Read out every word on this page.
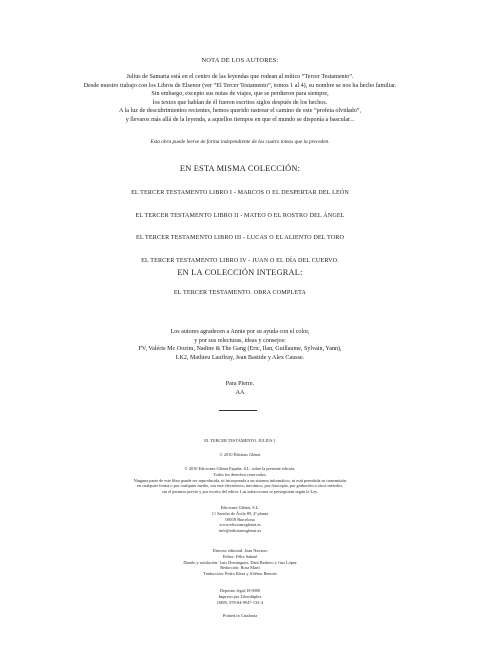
NOTA DE LOS AUTORES:
Julius de Samaria está en el centro de las leyendas que rodean al mítico “Tercer Testamento”.
Desde nuestro trabajo con los Libros de Elsenor (ver “El Tercer Testamento”, tomos 1 al 4), su nombre se nos ha hecho familiar.
Sin embargo, excepto sus notas de viajes, que se perdieron para siempre,
los textos que hablan de él fueron escritos siglos después de los hechos.
A la luz de descubrimientos recientes, hemos querido rastrear el camino de este “profeta olvidado”,
y llevaros más allá de la leyenda, a aquellos tiempos en que el mundo se disponía a bascular...
Esta obra puede leerse de forma independiente de los cuatro tomos que la preceden.
EN ESTA MISMA COLECCIÓN:
EL TERCER TESTAMENTO LIBRO I - MARCOS O EL DESPERTAR DEL LEÓN
EL TERCER TESTAMENTO LIBRO II - MATEO O EL ROSTRO DEL ÁNGEL
EL TERCER TESTAMENTO LIBRO III - LUCAS O EL ALIENTO DEL TORO
EL TERCER TESTAMENTO LIBRO IV - JUAN O EL DÍA DEL CUERVO.
EN LA COLECCIÓN INTEGRAL:
EL TERCER TESTAMENTO. OBRA COMPLETA
Los autores agradecen a Annie por su ayuda con el color,
y por sus relecturas, ideas y consejos:
FV, Valérie Mc Oozim, Nadine & The Gang (Eric, Ilan, Guillaume, Sylvain, Yann),
LK2, Mathieu Lauffray, Jean Bastide y Alex Causse.
Para Pierre.
AA
EL TERCER TESTAMENTO. JULIUS 1
© 2010 Éditions Glénat
© 2010 Ediciones Glénat España, S.L. sobre la presente edición.
Todos los derechos reservados.
Ninguna parte de este libro puede ser reproducida, ni incorporada a un sistema informático, ni está permitida su transmisión
en cualquier forma o por cualquier medio, sea este electrónico, mecánico, por fotocopia, por grabación u otros métodos,
sin el permiso previo y por escrito del editor. Las infracciones se perseguirán según la Ley.
Ediciones Glénat, S.L.
C/ Sancho de Ávila 89, 4ª planta
08018 Barcelona
www.edicionesglenat.es
info@edicionesglenat.es
Director editorial: Joan Navarro
Editor: Félix Sabaté
Diseño y rotulación: Luis Domínguez, Dani Barbero y Gus López
Redacción: Rosa Martí
Traducción: Pedro Riera y Aliénor Benoist
Depósito legal: B-0000
Impreso por Liberdúplex
ISBN: 978-84-9947-133-4
Printed in Catalonia
